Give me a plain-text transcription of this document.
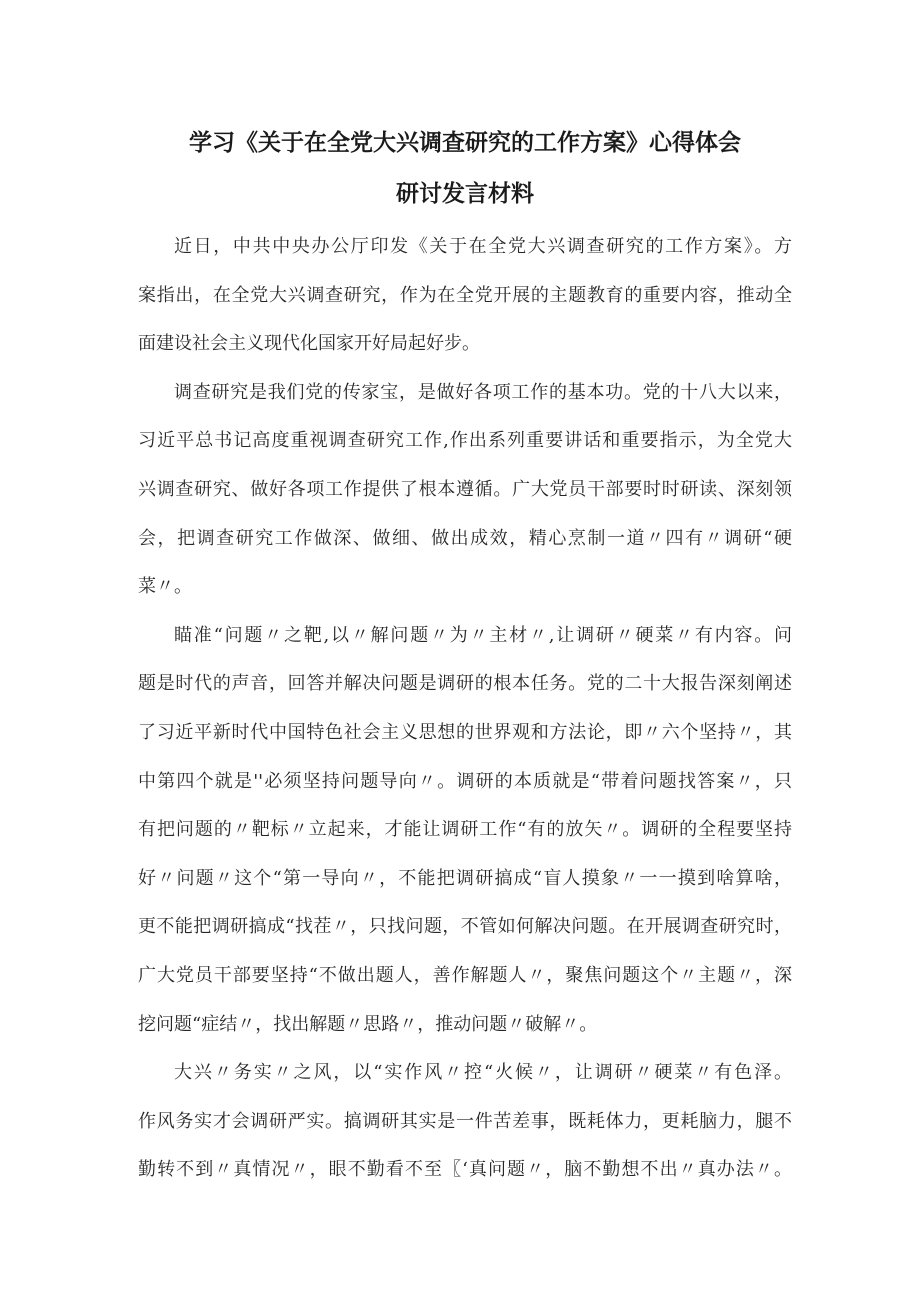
学习《关于在全党大兴调查研究的工作方案》心得体会
研讨发言材料
近日，中共中央办公厅印发《关于在全党大兴调查研究的工作方案》。方
案指出，在全党大兴调查研究，作为在全党开展的主题教育的重要内容，推动全
面建设社会主义现代化国家开好局起好步。
调查研究是我们党的传家宝，是做好各项工作的基本功。党的十八大以来，
习近平总书记高度重视调查研究工作,作出系列重要讲话和重要指示，为全党大
兴调查研究、做好各项工作提供了根本遵循。广大党员干部要时时研读、深刻领
会，把调查研究工作做深、做细、做出成效，精心烹制一道〃四有〃调研“硬
菜〃。
瞄准“问题〃之靶,以〃解问题〃为〃主材〃,让调研〃硬菜〃有内容。问
题是时代的声音，回答并解决问题是调研的根本任务。党的二十大报告深刻阐述
了习近平新时代中国特色社会主义思想的世界观和方法论，即〃六个坚持〃，其
中第四个就是''必须坚持问题导向〃。调研的本质就是“带着问题找答案〃，只
有把问题的〃靶标〃立起来，才能让调研工作“有的放矢〃。调研的全程要坚持
好〃问题〃这个“第一导向〃，不能把调研搞成“盲人摸象〃一一摸到啥算啥，
更不能把调研搞成“找茬〃，只找问题，不管如何解决问题。在开展调查研究时，
广大党员干部要坚持“不做出题人，善作解题人〃，聚焦问题这个〃主题〃，深
挖问题“症结〃，找出解题〃思路〃，推动问题〃破解〃。
大兴〃务实〃之风，以“实作风〃控“火候〃，让调研〃硬菜〃有色泽。
作风务实才会调研严实。搞调研其实是一件苦差事，既耗体力，更耗脑力，腿不
勤转不到〃真情况〃，眼不勤看不至〖‘真问题〃，脑不勤想不出〃真办法〃。
